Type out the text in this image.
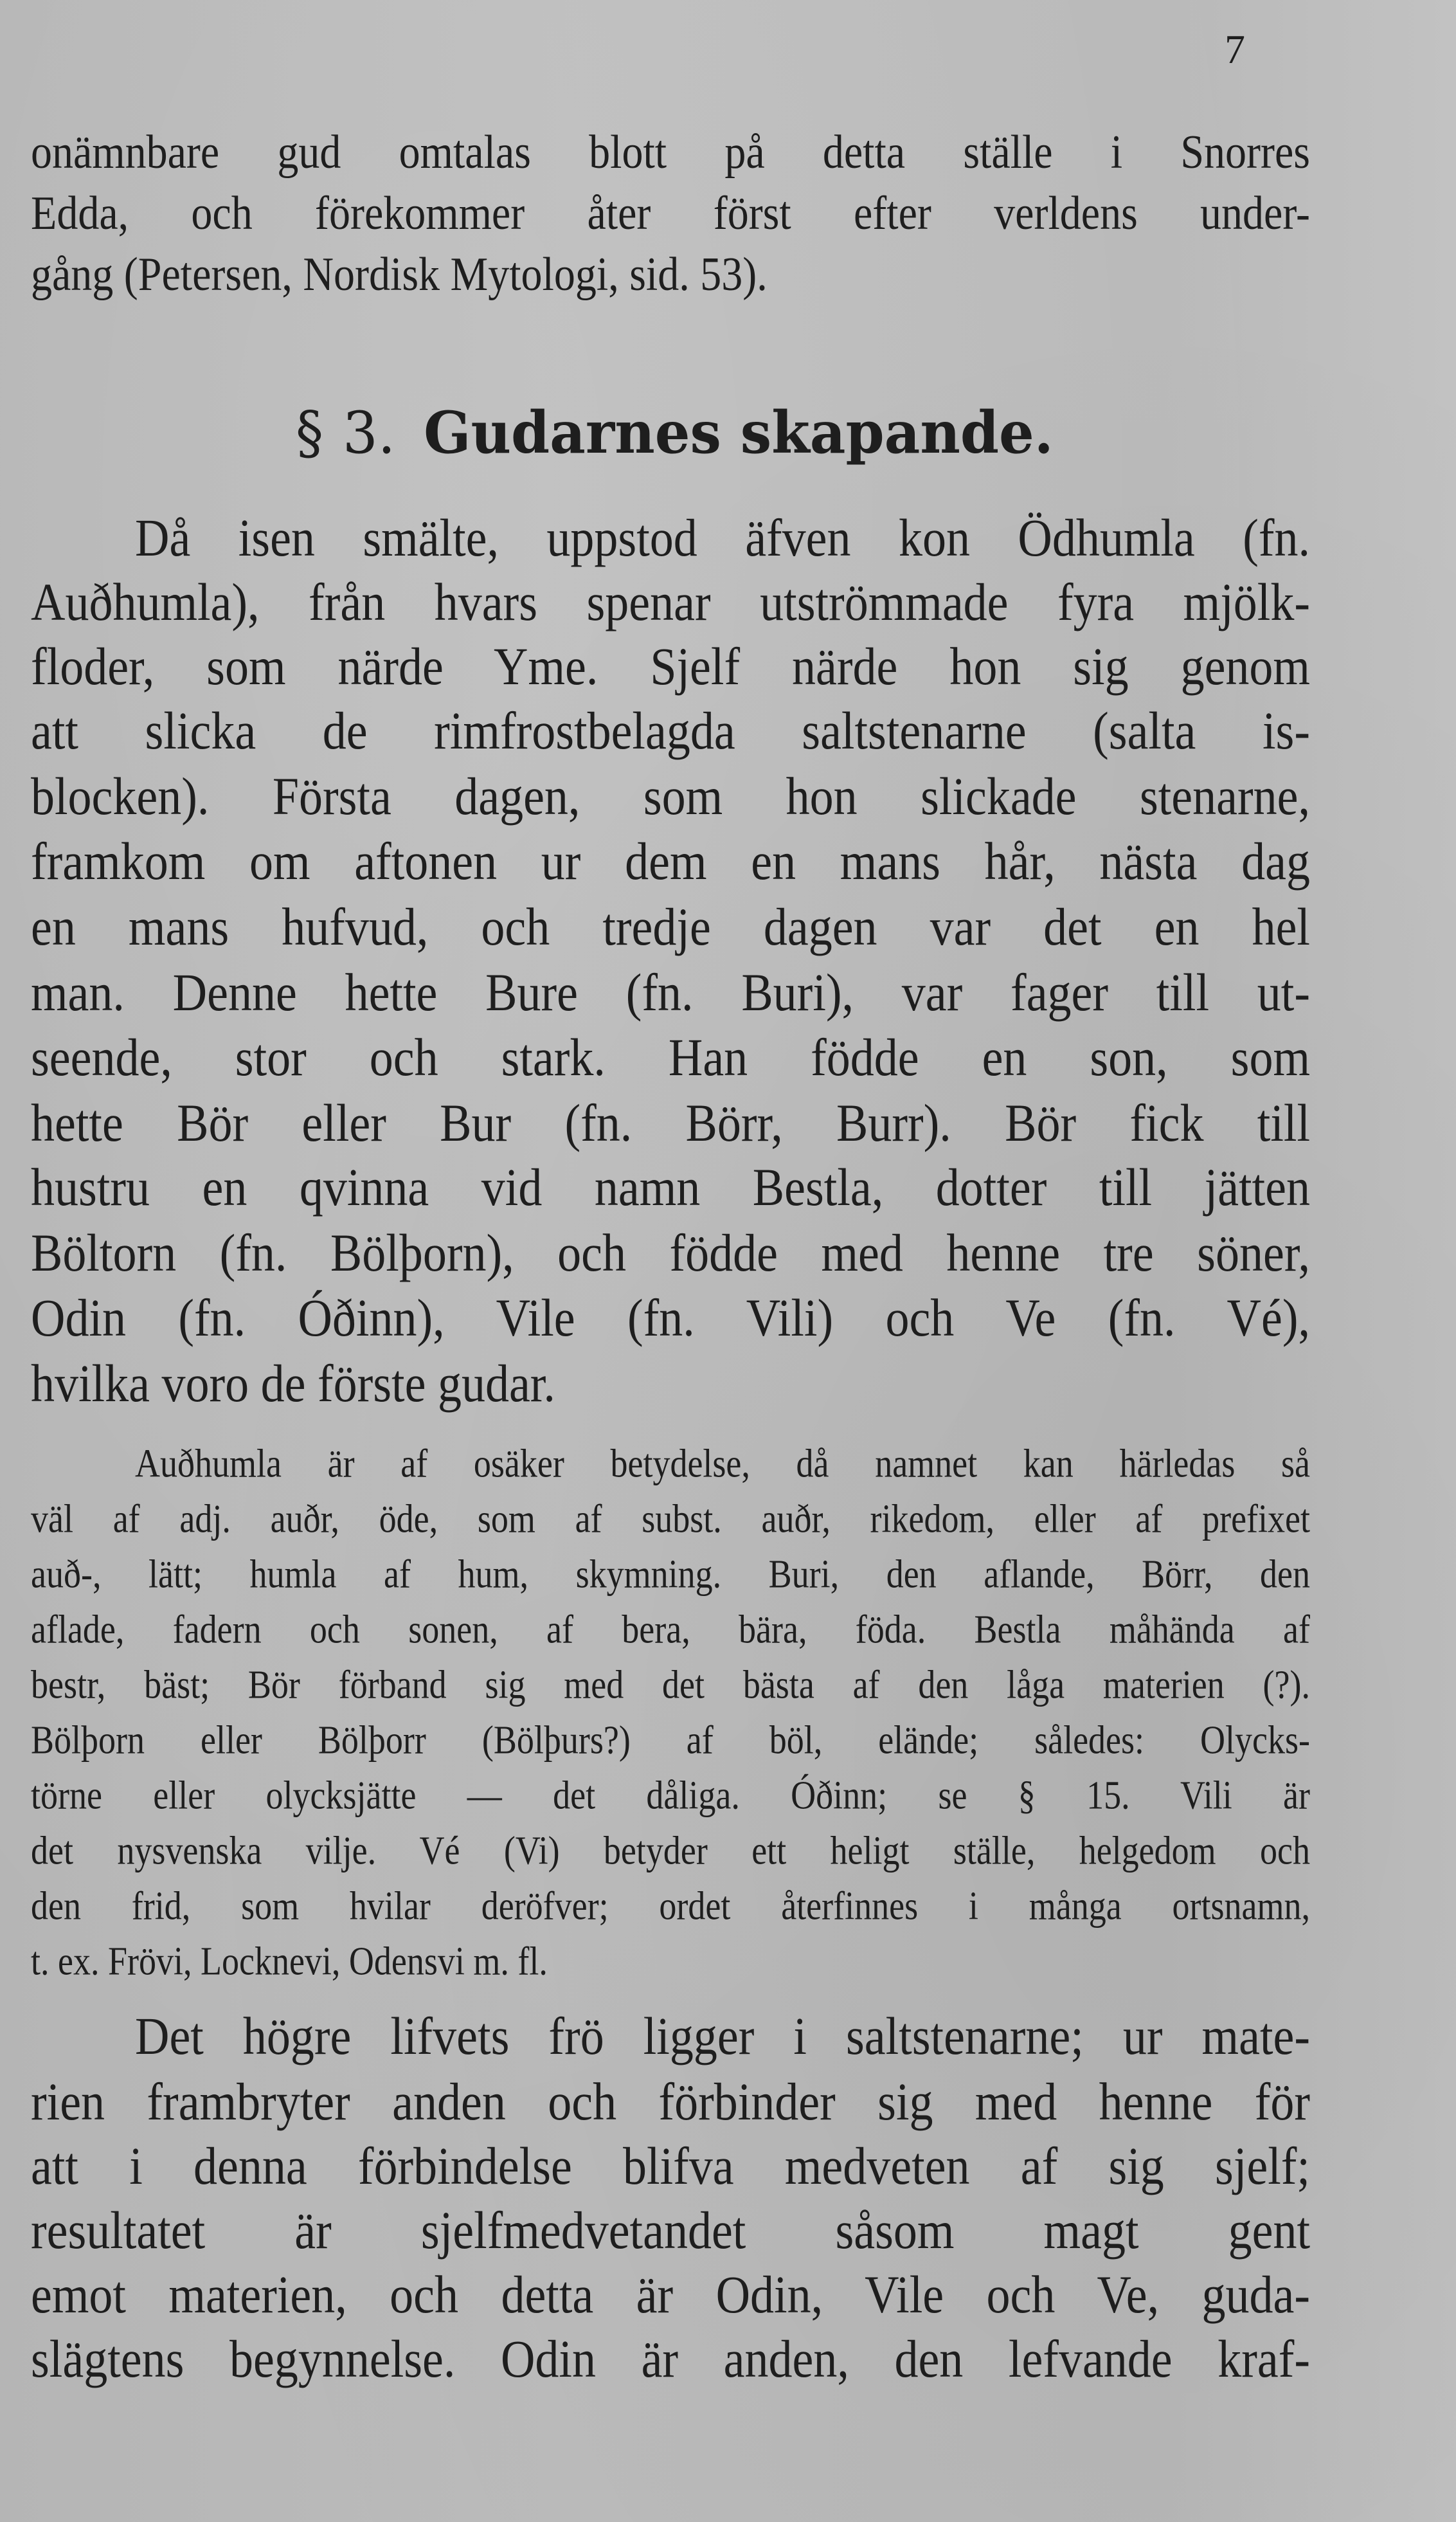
7
onämnbare gud omtalas blott på detta ställe i Snorres
Edda, och förekommer åter först efter verldens under-
gång (Petersen, Nordisk Mytologi, sid. 53).
§ 3. Gudarnes skapande.
Då isen smälte, uppstod äfven kon Ödhumla (fn.
Auðhumla), från hvars spenar utströmmade fyra mjölk-
floder, som närde Yme. Sjelf närde hon sig genom
att slicka de rimfrostbelagda saltstenarne (salta is-
blocken). Första dagen, som hon slickade stenarne,
framkom om aftonen ur dem en mans hår, nästa dag
en mans hufvud, och tredje dagen var det en hel
man. Denne hette Bure (fn. Buri), var fager till ut-
seende, stor och stark. Han födde en son, som
hette Bör eller Bur (fn. Börr, Burr). Bör fick till
hustru en qvinna vid namn Bestla, dotter till jätten
Böltorn (fn. Bölþorn), och födde med henne tre söner,
Odin (fn. Óðinn), Vile (fn. Vili) och Ve (fn. Vé),
hvilka voro de förste gudar.
Auðhumla är af osäker betydelse, då namnet kan härledas så
väl af adj. auðr, öde, som af subst. auðr, rikedom, eller af prefixet
auð-, lätt; humla af hum, skymning. Buri, den aflande, Börr, den
aflade, fadern och sonen, af bera, bära, föda. Bestla måhända af
bestr, bäst; Bör förband sig med det bästa af den låga materien (?).
Bölþorn eller Bölþorr (Bölþurs?) af böl, elände; således: Olycks-
törne eller olycksjätte — det dåliga. Óðinn; se § 15. Vili är
det nysvenska vilje. Vé (Vi) betyder ett heligt ställe, helgedom och
den frid, som hvilar deröfver; ordet återfinnes i många ortsnamn,
t. ex. Frövi, Locknevi, Odensvi m. fl.
Det högre lifvets frö ligger i saltstenarne; ur mate-
rien frambryter anden och förbinder sig med henne för
att i denna förbindelse blifva medveten af sig sjelf;
resultatet är sjelfmedvetandet såsom magt gent
emot materien, och detta är Odin, Vile och Ve, guda-
slägtens begynnelse. Odin är anden, den lefvande kraf-
